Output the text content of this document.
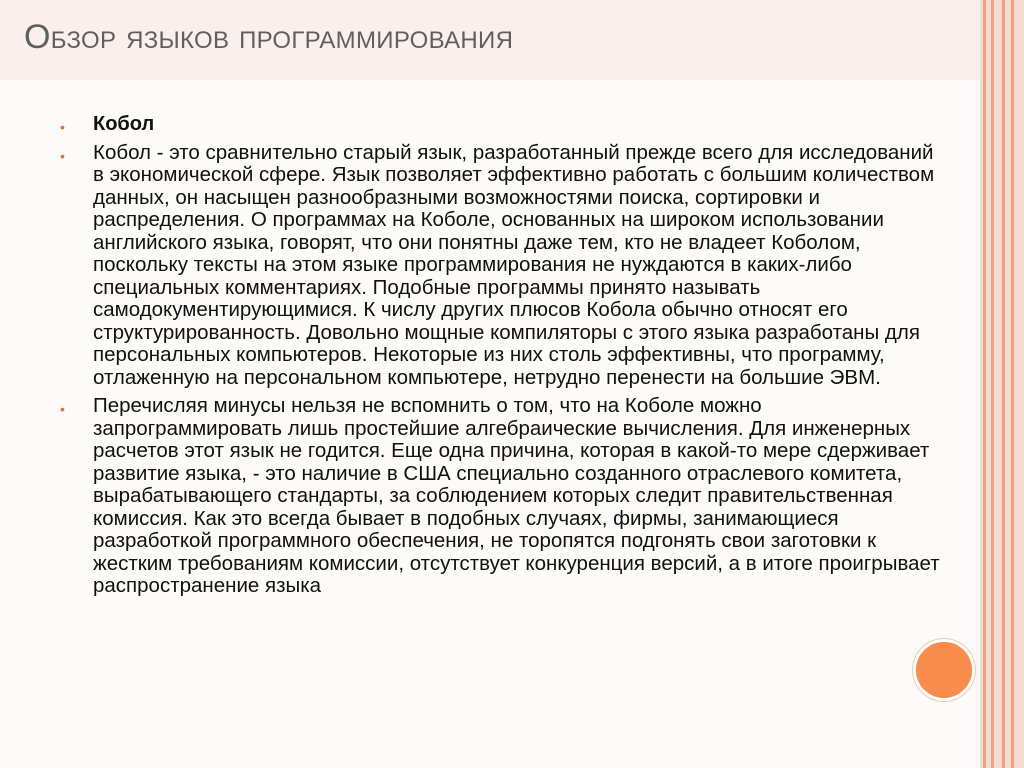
Обзор языков программирования
• Кобол
• Кобол - это сравнительно старый язык, разработанный прежде всего для исследований в экономической сфере. Язык позволяет эффективно работать с большим количеством данных, он насыщен разнообразными возможностями поиска, сортировки и распределения. О программах на Коболе, основанных на широком использовании английского языка, говорят, что они понятны даже тем, кто не владеет Коболом, поскольку тексты на этом языке программирования не нуждаются в каких-либо специальных комментариях. Подобные программы принято называть самодокументирующимися. К числу других плюсов Кобола обычно относят его структурированность. Довольно мощные компиляторы с этого языка разработаны для персональных компьютеров. Некоторые из них столь эффективны, что программу, отлаженную на персональном компьютере, нетрудно перенести на большие ЭВМ.
• Перечисляя минусы нельзя не вспомнить о том, что на Коболе можно запрограммировать лишь простейшие алгебраические вычисления. Для инженерных расчетов этот язык не годится. Еще одна причина, которая в какой-то мере сдерживает развитие языка, - это наличие в США специально созданного отраслевого комитета, вырабатывающего стандарты, за соблюдением которых следит правительственная комиссия. Как это всегда бывает в подобных случаях, фирмы, занимающиеся разработкой программного обеспечения, не торопятся подгонять свои заготовки к жестким требованиям комиссии, отсутствует конкуренция версий, а в итоге проигрывает распространение языка
